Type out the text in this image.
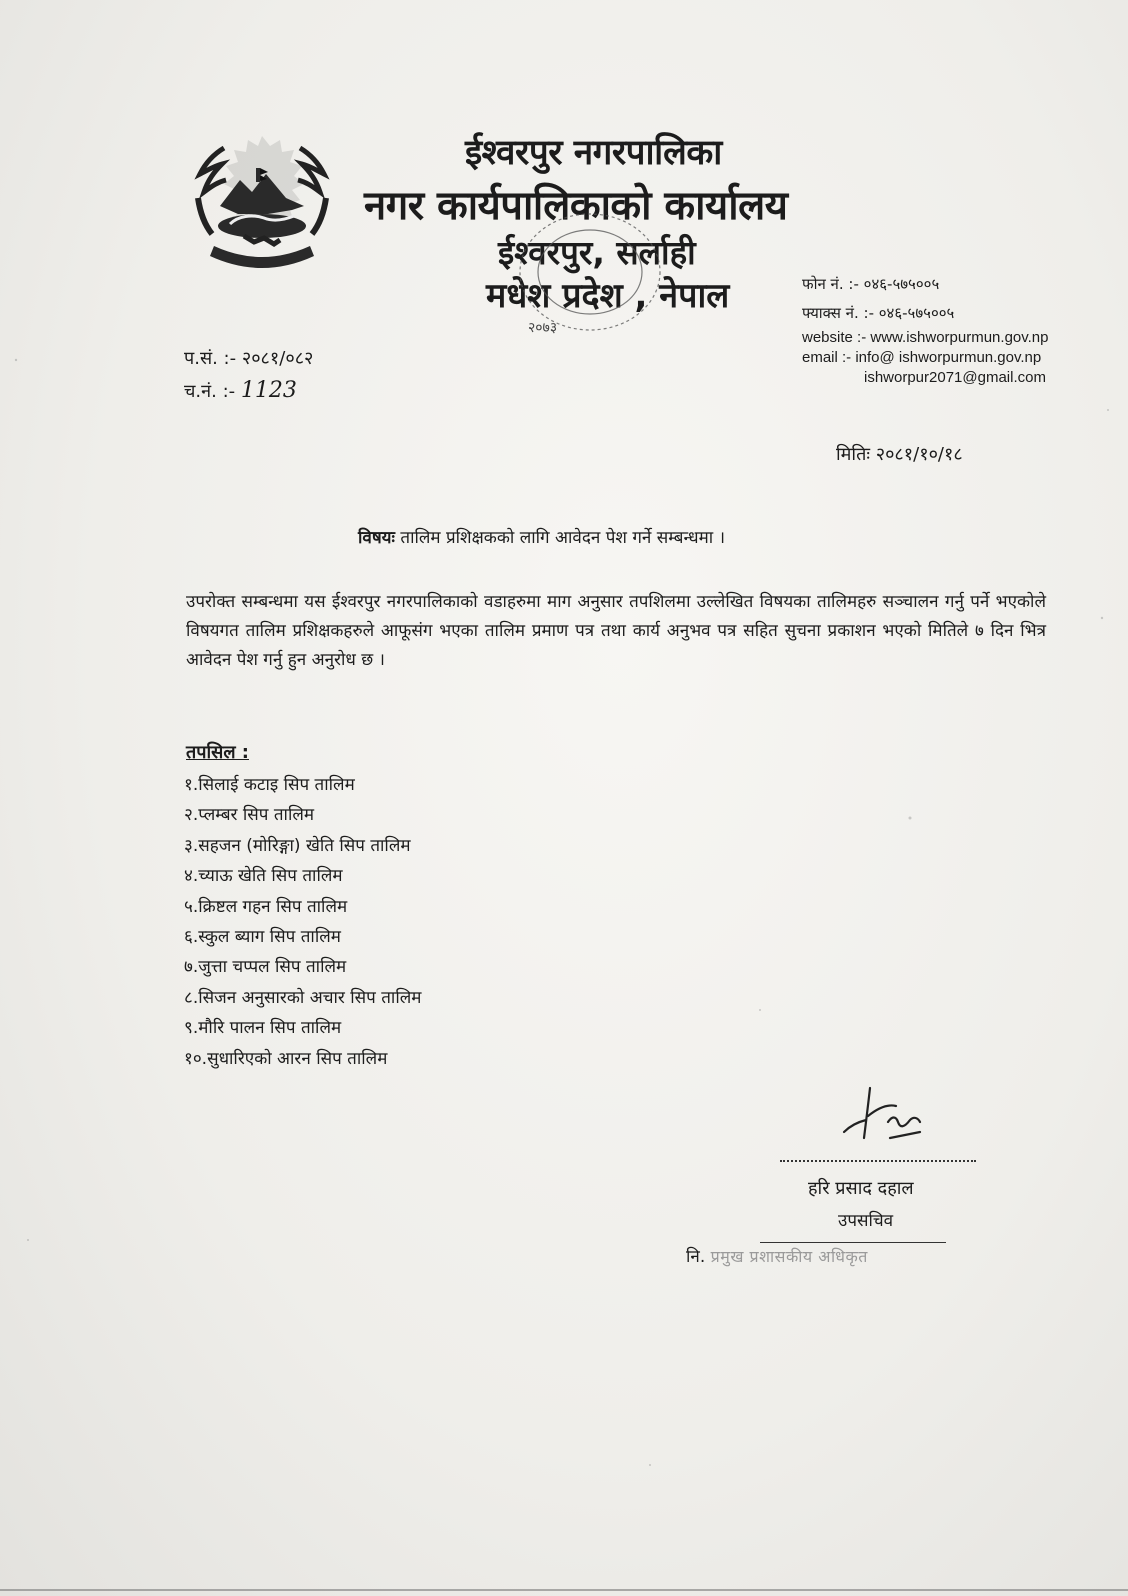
ईश्वरपुर नगरपालिका
नगर कार्यपालिकाको कार्यालय
ईश्वरपुर, सर्लाही
मधेश प्रदेश , नेपाल
२०७३
फोन नं. :- ०४६-५७५००५
फ्याक्स नं. :- ०४६-५७५००५
website :- www.ishworpurmun.gov.np
email :- info@ ishworpurmun.gov.np
ishworpur2071@gmail.com
प.सं. :- २०८१/०८२
च.नं. :- 1123
मितिः २०८१/१०/१८
विषयः तालिम प्रशिक्षकको लागि आवेदन पेश गर्ने सम्बन्धमा ।
उपरोक्त सम्बन्धमा यस ईश्वरपुर नगरपालिकाको वडाहरुमा माग अनुसार तपशिलमा उल्लेखित विषयका तालिमहरु सञ्चालन गर्नु पर्ने भएकोले विषयगत तालिम प्रशिक्षकहरुले आफूसंग भएका तालिम प्रमाण पत्र तथा कार्य अनुभव पत्र सहित सुचना प्रकाशन भएको मितिले ७ दिन भित्र आवेदन पेश गर्नु हुन अनुरोध छ ।
तपसिल :
१.सिलाई कटाइ सिप तालिम
२.प्लम्बर सिप तालिम
३.सहजन (मोरिङ्गा) खेति सिप तालिम
४.च्याऊ खेति सिप तालिम
५.क्रिष्टल गहन सिप तालिम
६.स्कुल ब्याग सिप तालिम
७.जुत्ता चप्पल सिप तालिम
८.सिजन अनुसारको अचार सिप तालिम
९.मौरि पालन सिप तालिम
१०.सुधारिएको आरन सिप तालिम
हरि प्रसाद दहाल
उपसचिव
नि. प्रमुख प्रशासकीय अधिकृत
